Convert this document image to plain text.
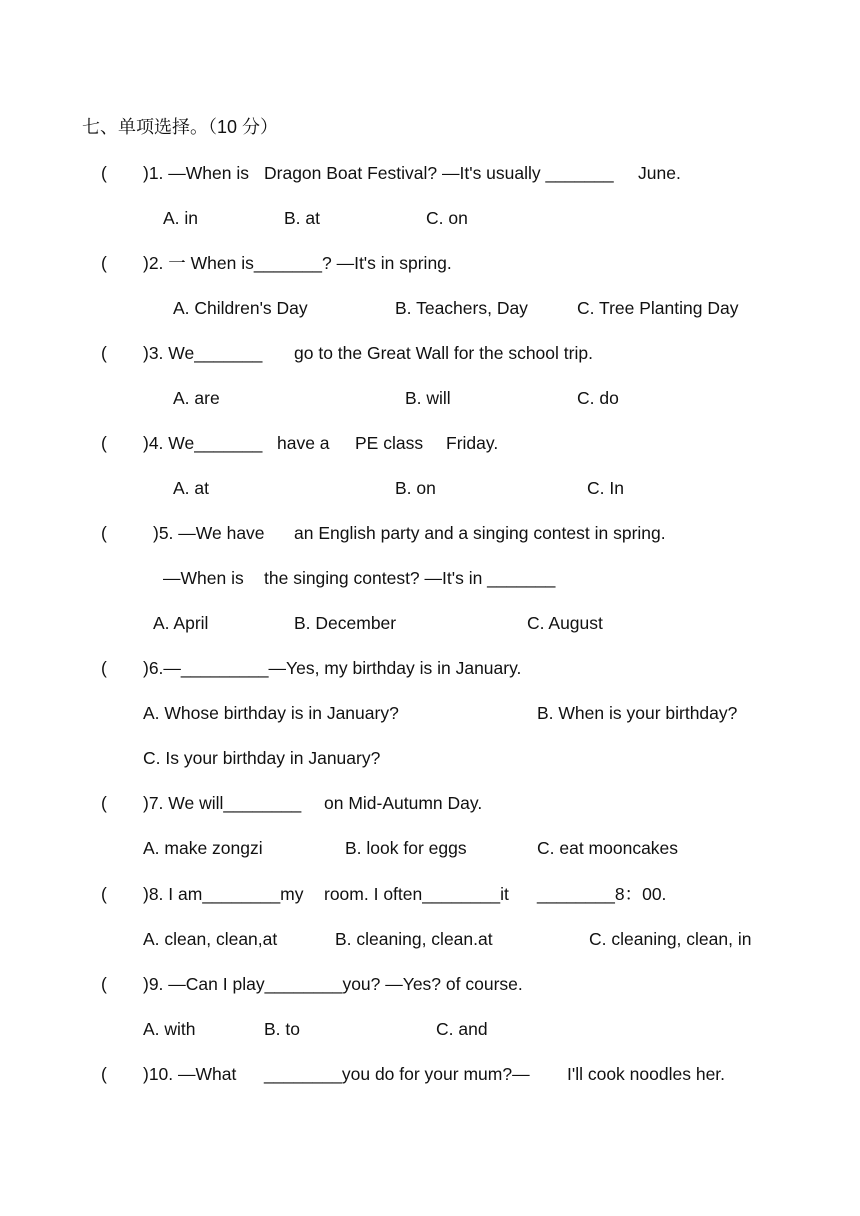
七、单项选择。（10 分）
( )1. —When is Dragon Boat Festival? —It's usually _______ June.
A. in	B. at	C. on
( )2. 一 When is_______? —It's in spring.
A. Children's Day	B. Teachers, Day	C. Tree Planting Day
( )3. We_______ go to the Great Wall for the school trip.
A. are	B. will	C. do
( )4. We_______ have a PE class Friday.
A. at	B. on	C. In
(	)5. —We have an English party and a singing contest in spring.
—When is the singing contest? —It's in _______
A. April	B. December	C. August
( )6.—_________—Yes, my birthday is in January.
A. Whose birthday is in January?	B. When is your birthday?
C. Is your birthday in January?
( )7. We will________ on Mid-Autumn Day.
A. make zongzi	B. look for eggs	C. eat mooncakes
( )8. I am________my room. I often________it ________8：00.
A. clean, clean,at	B. cleaning, clean.at	C. cleaning, clean, in
( )9. —Can I play________you? —Yes? of course.
A. with	B. to	C. and
( )10. —What ________you do for your mum?— I'll cook noodles her.
